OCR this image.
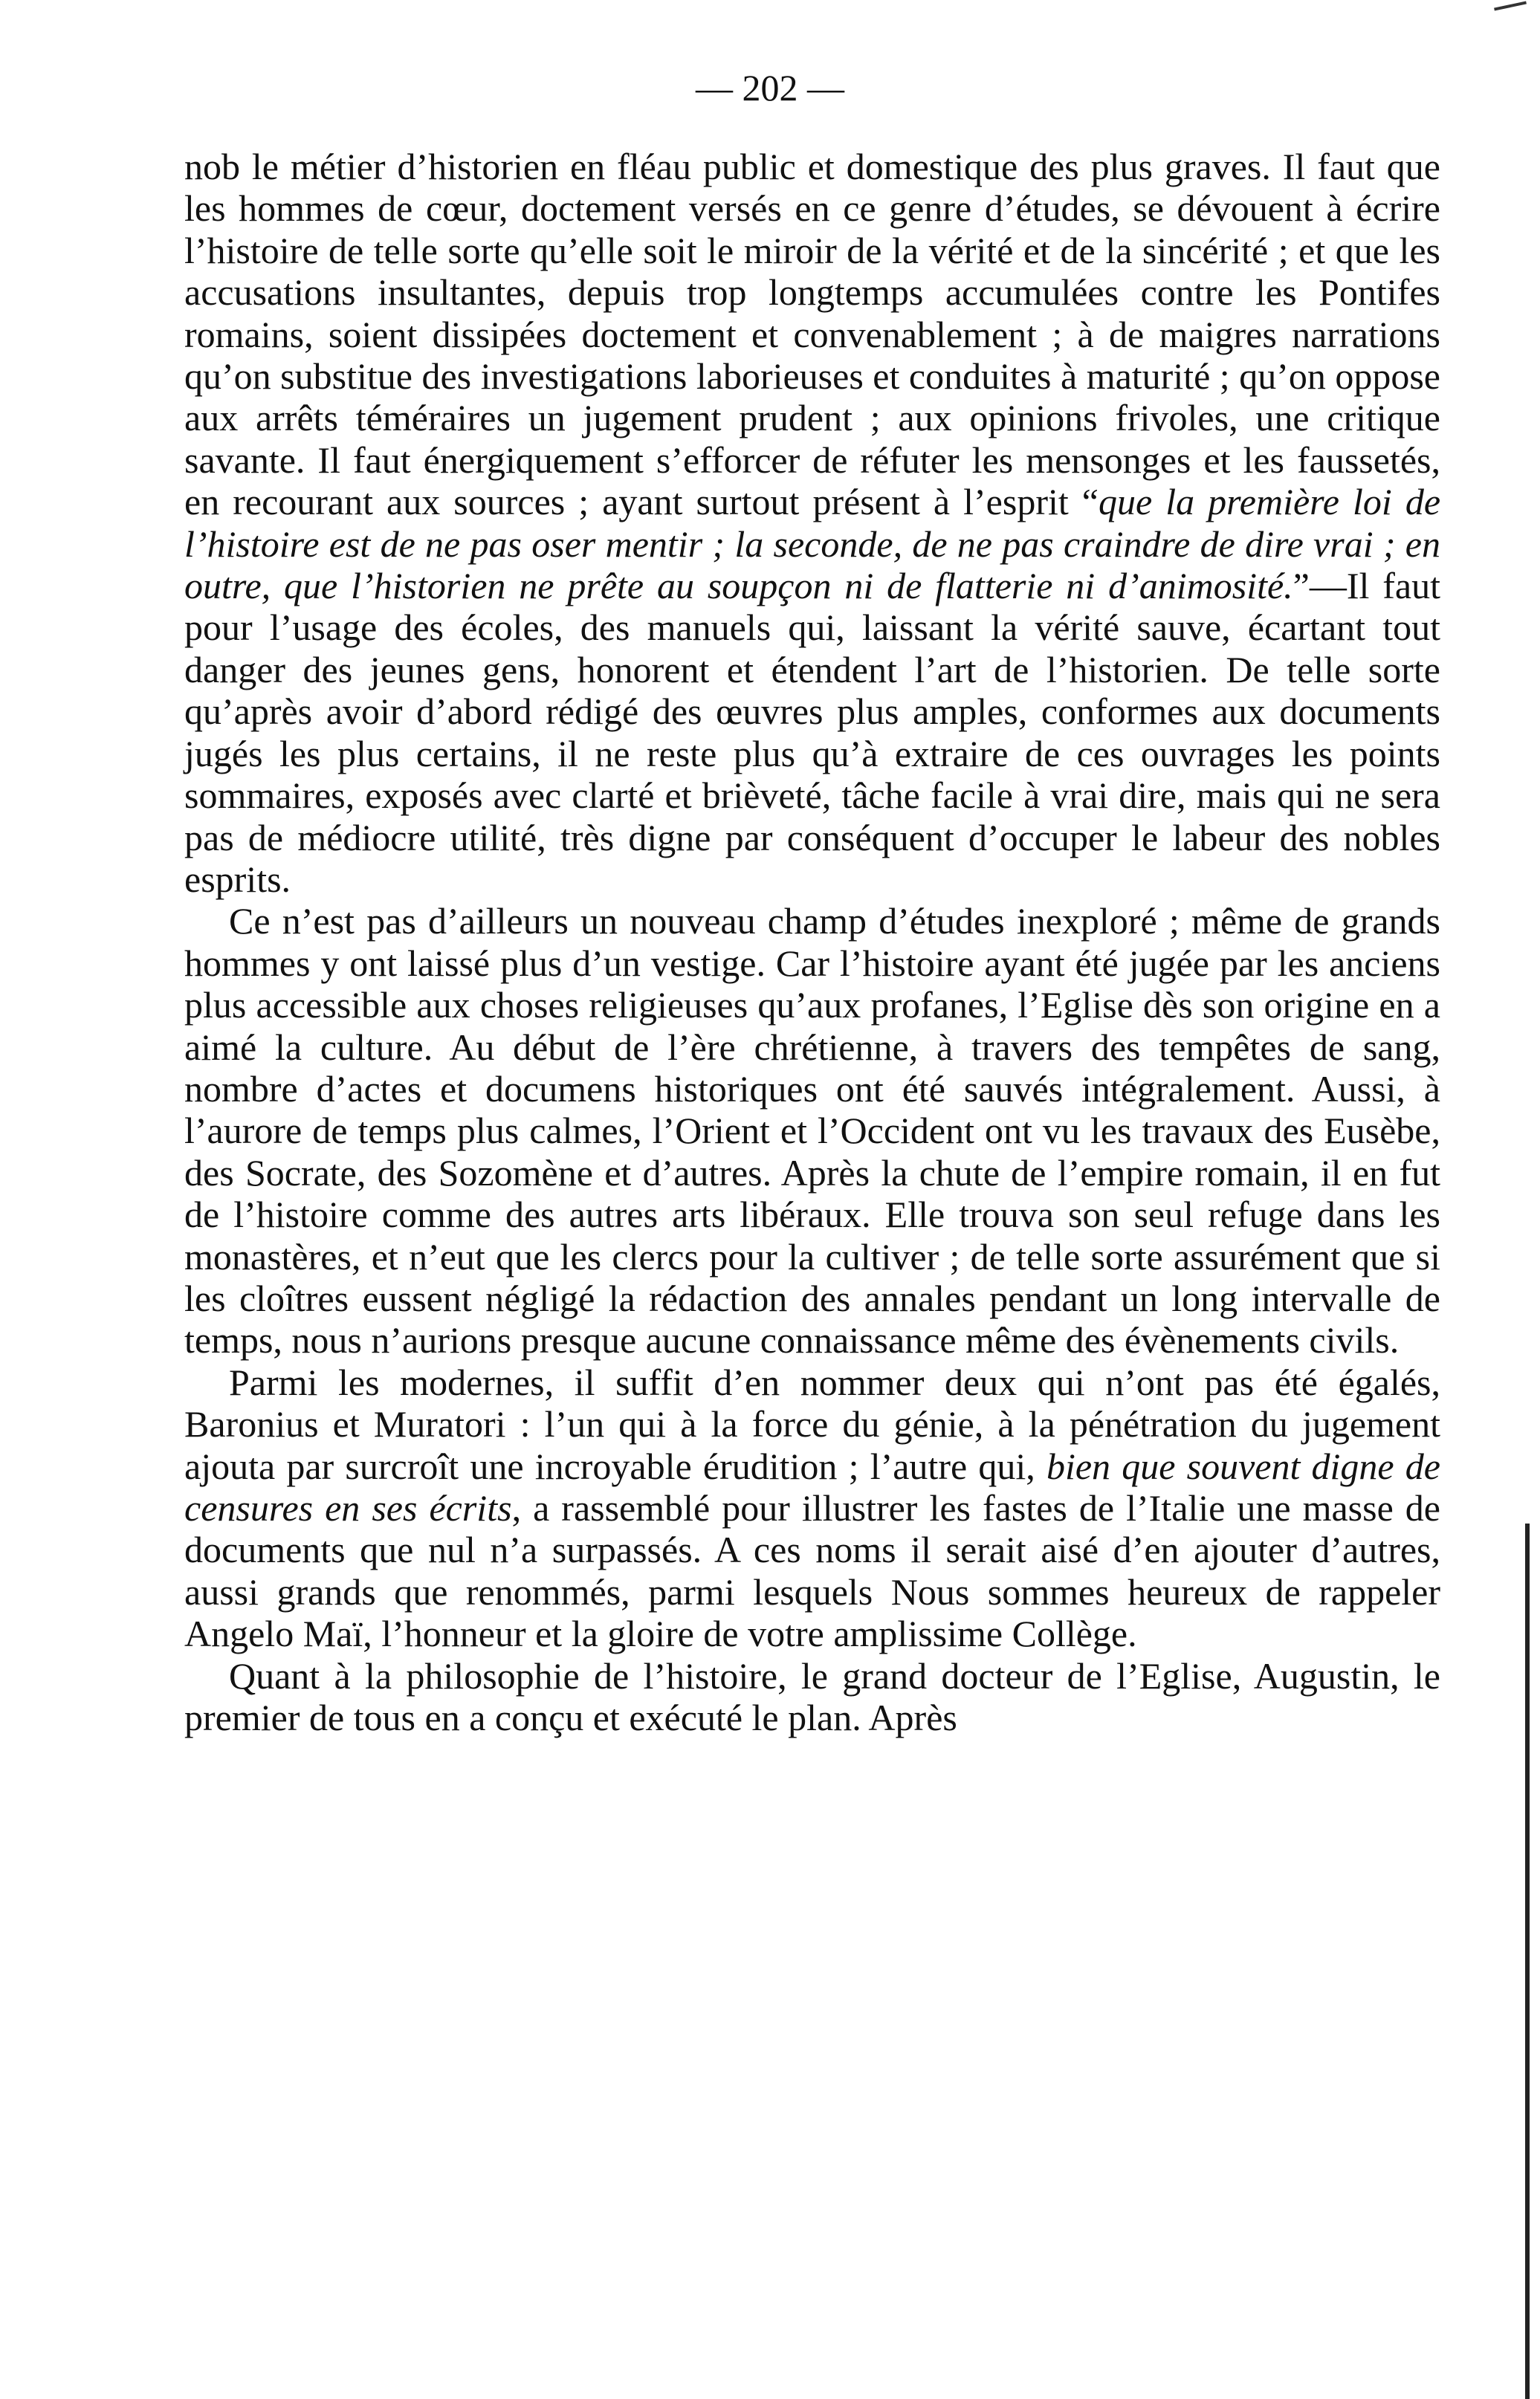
— 202 —

nob le métier d’historien en fléau public et domestique des plus graves. Il faut que les hommes de cœur, doctement versés en ce genre d’études, se dévouent à écrire l’histoire de telle sorte qu’elle soit le miroir de la vérité et de la sincérité ; et que les accusations insultantes, depuis trop longtemps accumulées contre les Pontifes romains, soient dissipées doctement et convenablement ; à de maigres narrations qu’on substitue des investigations laborieuses et conduites à maturité ; qu’on oppose aux arrêts téméraires un jugement prudent ; aux opinions frivoles, une critique savante. Il faut énergiquement s’efforcer de réfuter les mensonges et les faussetés, en recourant aux sources ; ayant surtout présent à l’esprit “que la première loi de l’histoire est de ne pas oser mentir ; la seconde, de ne pas craindre de dire vrai ; en outre, que l’historien ne prête au soupçon ni de flatterie ni d’animosité.”—Il faut pour l’usage des écoles, des manuels qui, laissant la vérité sauve, écartant tout danger des jeunes gens, honorent et étendent l’art de l’historien. De telle sorte qu’après avoir d’abord rédigé des œuvres plus amples, conformes aux documents jugés les plus certains, il ne reste plus qu’à extraire de ces ouvrages les points sommaires, exposés avec clarté et brièveté, tâche facile à vrai dire, mais qui ne sera pas de médiocre utilité, très digne par conséquent d’occuper le labeur des nobles esprits.

Ce n’est pas d’ailleurs un nouveau champ d’études inexploré ; même de grands hommes y ont laissé plus d’un vestige. Car l’histoire ayant été jugée par les anciens plus accessible aux choses religieuses qu’aux profanes, l’Eglise dès son origine en a aimé la culture. Au début de l’ère chrétienne, à travers des tempêtes de sang, nombre d’actes et documens historiques ont été sauvés intégralement. Aussi, à l’aurore de temps plus calmes, l’Orient et l’Occident ont vu les travaux des Eusèbe, des Socrate, des Sozomène et d’autres. Après la chute de l’empire romain, il en fut de l’histoire comme des autres arts libéraux. Elle trouva son seul refuge dans les monastères, et n’eut que les clercs pour la cultiver ; de telle sorte assurément que si les cloîtres eussent négligé la rédaction des annales pendant un long intervalle de temps, nous n’aurions presque aucune connaissance même des évènements civils.

Parmi les modernes, il suffit d’en nommer deux qui n’ont pas été égalés, Baronius et Muratori : l’un qui à la force du génie, à la pénétration du jugement ajouta par surcroît une incroyable érudition ; l’autre qui, bien que souvent digne de censures en ses écrits, a rassemblé pour illustrer les fastes de l’Italie une masse de documents que nul n’a surpassés. A ces noms il serait aisé d’en ajouter d’autres, aussi grands que renommés, parmi lesquels Nous sommes heureux de rappeler Angelo Maï, l’honneur et la gloire de votre amplissime Collège.

Quant à la philosophie de l’histoire, le grand docteur de l’Eglise, Augustin, le premier de tous en a conçu et exécuté le plan. Après
